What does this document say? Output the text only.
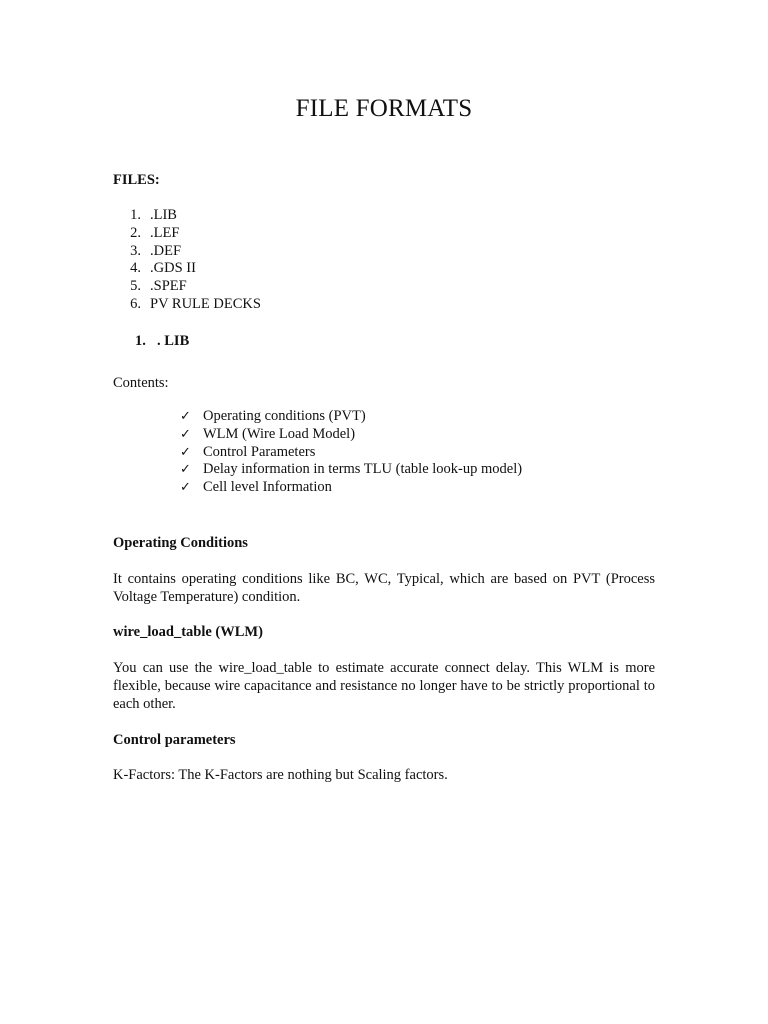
FILE FORMATS
FILES:
1. .LIB
2. .LEF
3. .DEF
4. .GDS II
5. .SPEF
6. PV RULE DECKS
1. . LIB
Contents:
✓ Operating conditions (PVT)
✓ WLM (Wire Load Model)
✓ Control Parameters
✓ Delay information in terms TLU (table look-up model)
✓ Cell level Information
Operating Conditions
It contains operating conditions like BC, WC, Typical, which are based on PVT (Process Voltage Temperature) condition.
wire_load_table (WLM)
You can use the wire_load_table to estimate accurate connect delay. This WLM is more flexible, because wire capacitance and resistance no longer have to be strictly proportional to each other.
Control parameters
K-Factors: The K-Factors are nothing but Scaling factors.
